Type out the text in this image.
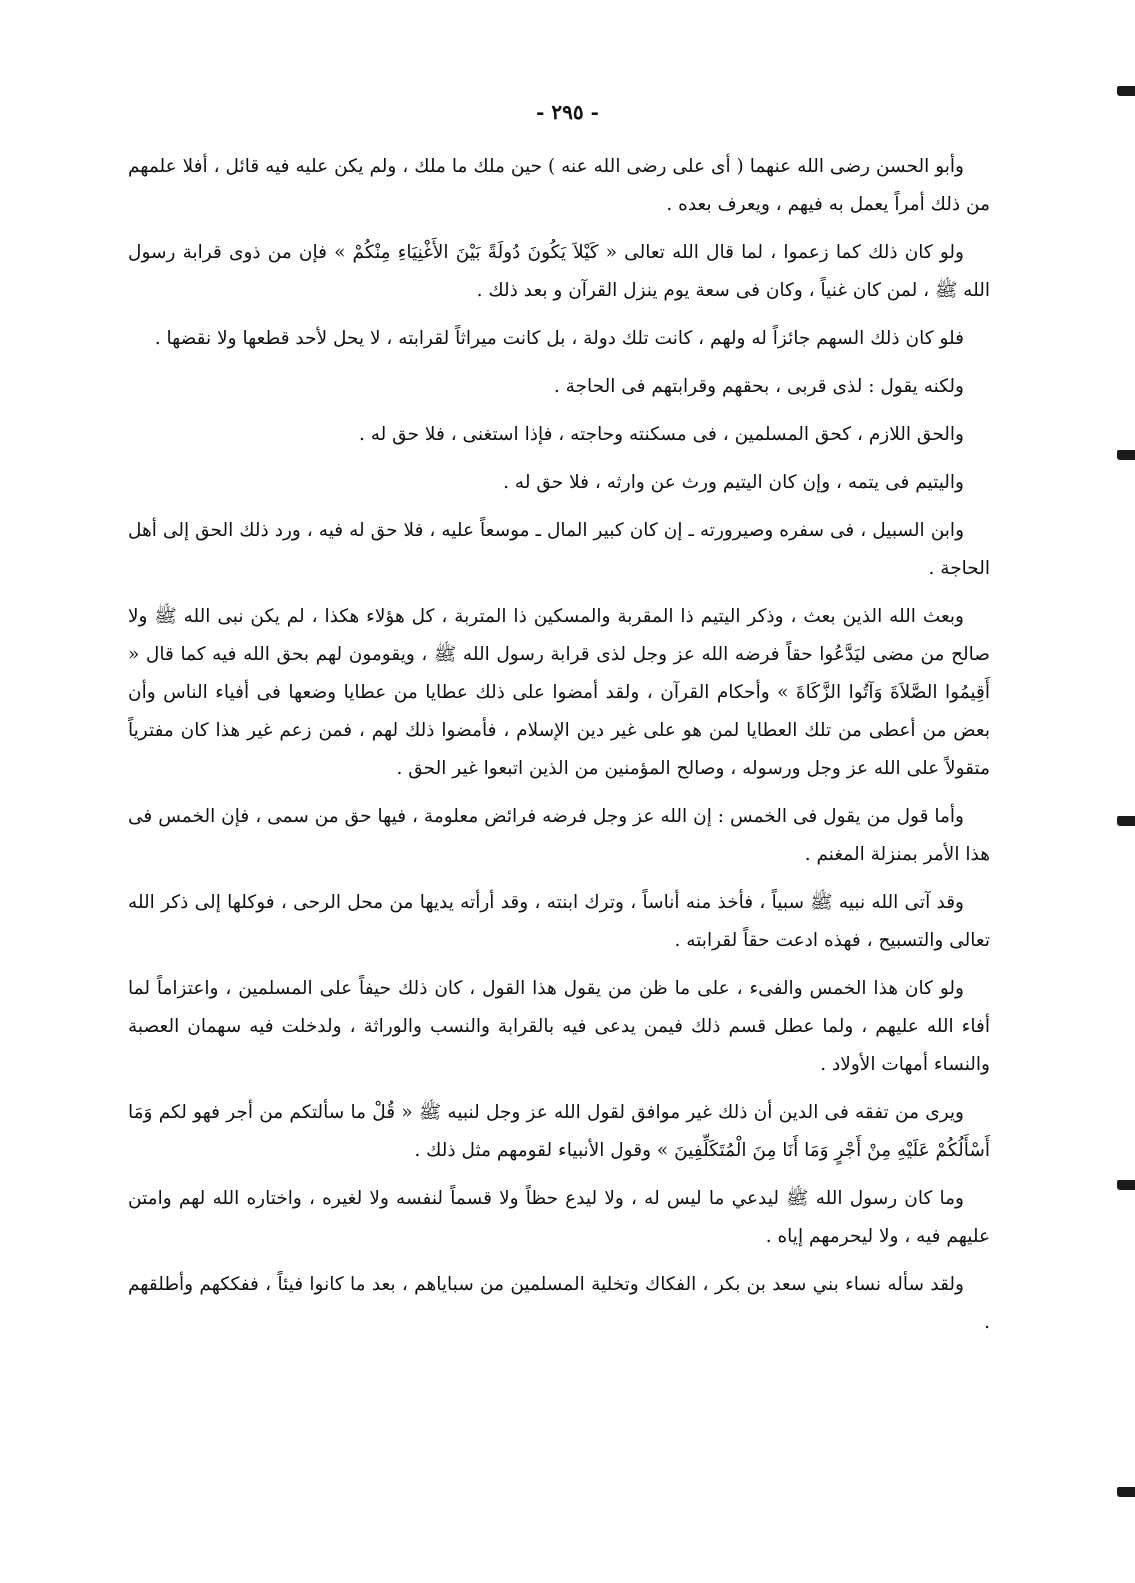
- ٢٩٥ -

وأبو الحسن رضى الله عنهما ( أى على رضى الله عنه ) حين ملك ما ملك ، ولم يكن عليه فيه قائل ، أفلا علمهم من ذلك أمراً يعمل به فيهم ، ويعرف بعده .

ولو كان ذلك كما زعموا ، لما قال الله تعالى « كَيْلاَ يَكُونَ دُولَةً بَيْنَ الأَغْنِيَاءِ مِنْكُمْ » فإن من ذوى قرابة رسول الله ﷺ ، لمن كان غنياً ، وكان فى سعة يوم ينزل القرآن و بعد ذلك .

فلو كان ذلك السهم جائزاً له ولهم ، كانت تلك دولة ، بل كانت ميراثاً لقرابته ، لا يحل لأحد قطعها ولا نقضها .

ولكنه يقول : لذى قربى ، بحقهم وقرابتهم فى الحاجة .

والحق اللازم ، كحق المسلمين ، فى مسكنته وحاجته ، فإذا استغنى ، فلا حق له .

واليتيم فى يتمه ، وإن كان اليتيم ورث عن وارثه ، فلا حق له .

وابن السبيل ، فى سفره وصيرورته ـ إن كان كبير المال ـ موسعاً عليه ، فلا حق له فيه ، ورد ذلك الحق إلى أهل الحاجة .

وبعث الله الذين بعث ، وذكر اليتيم ذا المقربة والمسكين ذا المتربة ، كل هؤلاء هكذا ، لم يكن نبى الله ﷺ ولا صالح من مضى ليَدَّعُوا حقاً فرضه الله عز وجل لذى قرابة رسول الله ﷺ ، ويقومون لهم بحق الله فيه كما قال « أَقِيمُوا الصَّلاَةَ وَآتُوا الزَّكَاةَ » وأحكام القرآن ، ولقد أمضوا على ذلك عطايا من عطايا وضعها فى أفياء الناس وأن بعض من أعطى من تلك العطايا لمن هو على غير دين الإسلام ، فأمضوا ذلك لهم ، فمن زعم غير هذا كان مفترياً متقولاً على الله عز وجل ورسوله ، وصالح المؤمنين من الذين اتبعوا غير الحق .

وأما قول من يقول فى الخمس : إن الله عز وجل فرضه فرائض معلومة ، فيها حق من سمى ، فإن الخمس فى هذا الأمر بمنزلة المغنم .

وقد آتى الله نبيه ﷺ سبياً ، فأخذ منه أناساً ، وترك ابنته ، وقد أرأته يديها من محل الرحى ، فوكلها إلى ذكر الله تعالى والتسبيح ، فهذه ادعت حقاً لقرابته .

ولو كان هذا الخمس والفىء ، على ما ظن من يقول هذا القول ، كان ذلك حيفاً على المسلمين ، واعتزاماً لما أفاء الله عليهم ، ولما عطل قسم ذلك فيمن يدعى فيه بالقرابة والنسب والوراثة ، ولدخلت فيه سهمان العصبة والنساء أمهات الأولاد .

ويرى من تفقه فى الدين أن ذلك غير موافق لقول الله عز وجل لنبيه ﷺ « قُلْ ما سألتكم من أجر فهو لكم وَمَا أَسْأَلُكُمْ عَلَيْهِ مِنْ أَجْرٍ وَمَا أَنَا مِنَ الْمُتَكَلِّفِينَ » وقول الأنبياء لقومهم مثل ذلك .

وما كان رسول الله ﷺ ليدعي ما ليس له ، ولا ليدع حظاً ولا قسماً لنفسه ولا لغيره ، واختاره الله لهم وامتن عليهم فيه ، ولا ليحرمهم إياه .

ولقد سأله نساء بني سعد بن بكر ، الفكاك وتخلية المسلمين من سباياهم ، بعد ما كانوا فيئاً ، ففككهم وأطلقهم .
